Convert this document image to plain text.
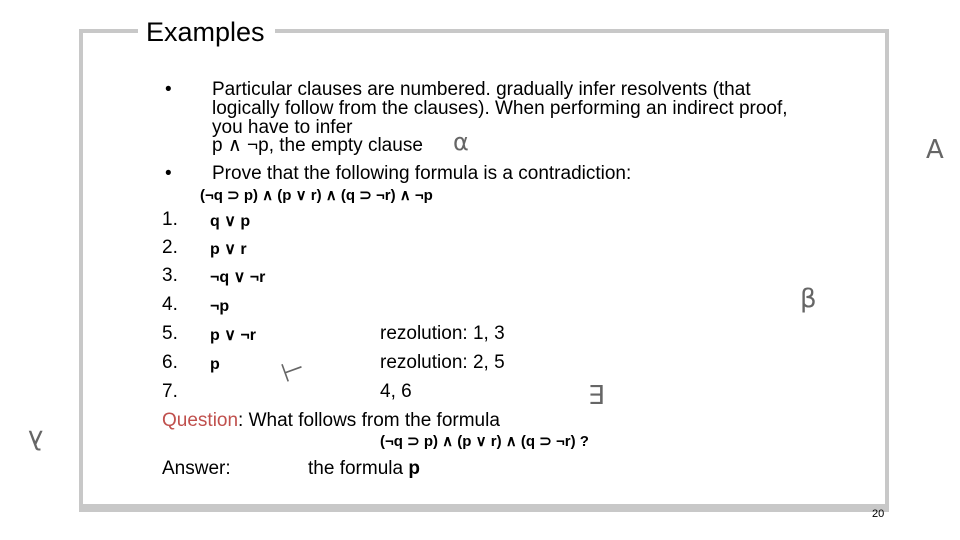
Examples
• Particular clauses are numbered. gradually infer resolvents (that logically follow from the clauses). When performing an indirect proof, you have to infer
p ∧ ¬p, the empty clause
• Prove that the following formula is a contradiction:
(¬q ⊃ p) ∧ (p ∨ r) ∧ (q ⊃ ¬r) ∧ ¬p
1. q ∨ p
2. p ∨ r
3. ¬q ∨ ¬r
4. ¬p
5. p ∨ ¬r	rezolution: 1, 3
6. p	rezolution: 2, 5
7.	4, 6
Question: What follows from the formula
(¬q ⊃ p) ∧ (p ∨ r) ∧ (q ⊃ ¬r) ?
Answer:	the formula p
α	∀
β
⊢
∃
λ
20
